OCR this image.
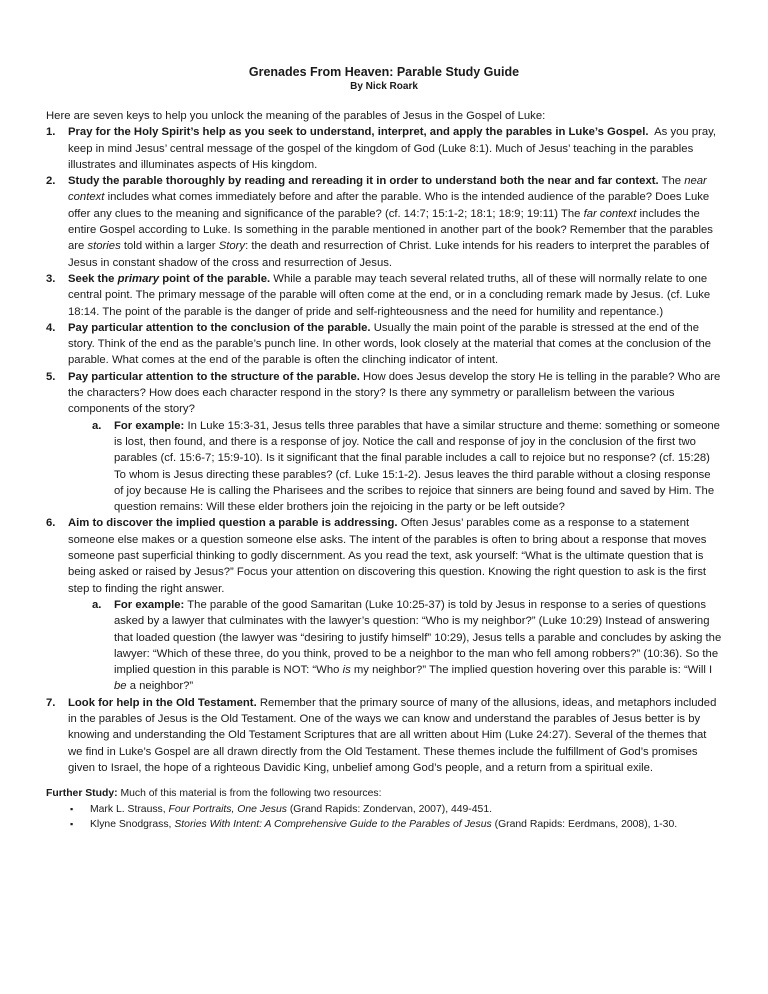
Grenades From Heaven: Parable Study Guide

By Nick Roark

Here are seven keys to help you unlock the meaning of the parables of Jesus in the Gospel of Luke:

1. Pray for the Holy Spirit’s help as you seek to understand, interpret, and apply the parables in Luke’s Gospel. As you pray, keep in mind Jesus’ central message of the gospel of the kingdom of God (Luke 8:1). Much of Jesus’ teaching in the parables illustrates and illuminates aspects of His kingdom.
2. Study the parable thoroughly by reading and rereading it in order to understand both the near and far context. The near context includes what comes immediately before and after the parable. Who is the intended audience of the parable? Does Luke offer any clues to the meaning and significance of the parable? (cf. 14:7; 15:1-2; 18:1; 18:9; 19:11) The far context includes the entire Gospel according to Luke. Is something in the parable mentioned in another part of the book? Remember that the parables are stories told within a larger Story: the death and resurrection of Christ. Luke intends for his readers to interpret the parables of Jesus in constant shadow of the cross and resurrection of Jesus.
3. Seek the primary point of the parable. While a parable may teach several related truths, all of these will normally relate to one central point. The primary message of the parable will often come at the end, or in a concluding remark made by Jesus. (cf. Luke 18:14. The point of the parable is the danger of pride and self-righteousness and the need for humility and repentance.)
4. Pay particular attention to the conclusion of the parable. Usually the main point of the parable is stressed at the end of the story. Think of the end as the parable’s punch line. In other words, look closely at the material that comes at the conclusion of the parable. What comes at the end of the parable is often the clinching indicator of intent.
5. Pay particular attention to the structure of the parable. How does Jesus develop the story He is telling in the parable? Who are the characters? How does each character respond in the story? Is there any symmetry or parallelism between the various components of the story?
a. For example: In Luke 15:3-31, Jesus tells three parables that have a similar structure and theme: something or someone is lost, then found, and there is a response of joy. Notice the call and response of joy in the conclusion of the first two parables (cf. 15:6-7; 15:9-10). Is it significant that the final parable includes a call to rejoice but no response? (cf. 15:28) To whom is Jesus directing these parables? (cf. Luke 15:1-2). Jesus leaves the third parable without a closing response of joy because He is calling the Pharisees and the scribes to rejoice that sinners are being found and saved by Him. The question remains: Will these elder brothers join the rejoicing in the party or be left outside?
6. Aim to discover the implied question a parable is addressing. Often Jesus’ parables come as a response to a statement someone else makes or a question someone else asks. The intent of the parables is often to bring about a response that moves someone past superficial thinking to godly discernment. As you read the text, ask yourself: “What is the ultimate question that is being asked or raised by Jesus?” Focus your attention on discovering this question. Knowing the right question to ask is the first step to finding the right answer.
a. For example: The parable of the good Samaritan (Luke 10:25-37) is told by Jesus in response to a series of questions asked by a lawyer that culminates with the lawyer’s question: “Who is my neighbor?” (Luke 10:29) Instead of answering that loaded question (the lawyer was “desiring to justify himself” 10:29), Jesus tells a parable and concludes by asking the lawyer: “Which of these three, do you think, proved to be a neighbor to the man who fell among robbers?” (10:36). So the implied question in this parable is NOT: “Who is my neighbor?” The implied question hovering over this parable is: “Will I be a neighbor?”
7. Look for help in the Old Testament. Remember that the primary source of many of the allusions, ideas, and metaphors included in the parables of Jesus is the Old Testament. One of the ways we can know and understand the parables of Jesus better is by knowing and understanding the Old Testament Scriptures that are all written about Him (Luke 24:27). Several of the themes that we find in Luke’s Gospel are all drawn directly from the Old Testament. These themes include the fulfillment of God’s promises given to Israel, the hope of a righteous Davidic King, unbelief among God’s people, and a return from a spiritual exile.
Further Study: Much of this material is from the following two resources:
▪ Mark L. Strauss, Four Portraits, One Jesus (Grand Rapids: Zondervan, 2007), 449-451.
▪ Klyne Snodgrass, Stories With Intent: A Comprehensive Guide to the Parables of Jesus (Grand Rapids: Eerdmans, 2008), 1-30.
